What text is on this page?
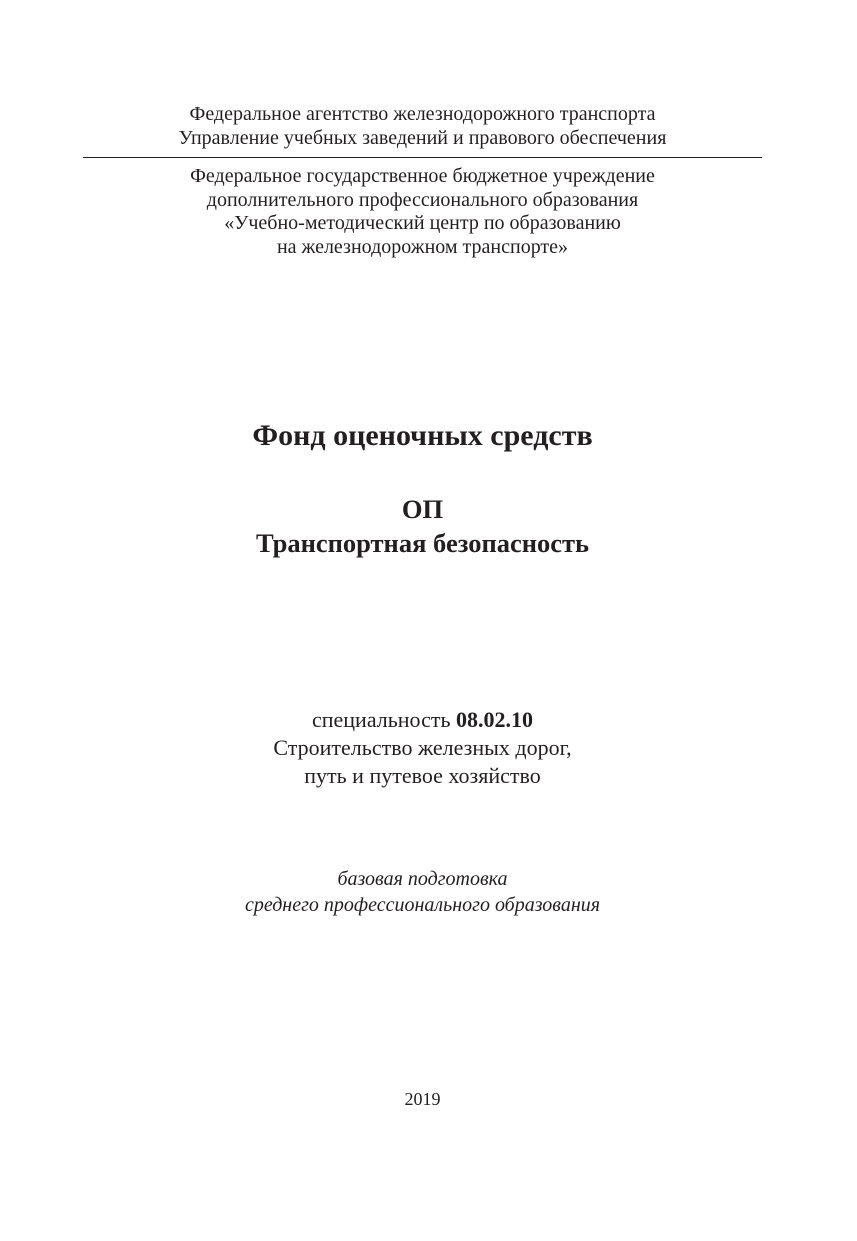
Федеральное агентство железнодорожного транспорта
Управление учебных заведений и правового обеспечения
Федеральное государственное бюджетное учреждение
дополнительного профессионального образования
«Учебно-методический центр по образованию
на железнодорожном транспорте»
Фонд оценочных средств
ОП
Транспортная безопасность
специальность 08.02.10
Строительство железных дорог,
путь и путевое хозяйство
базовая подготовка
среднего профессионального образования
2019
